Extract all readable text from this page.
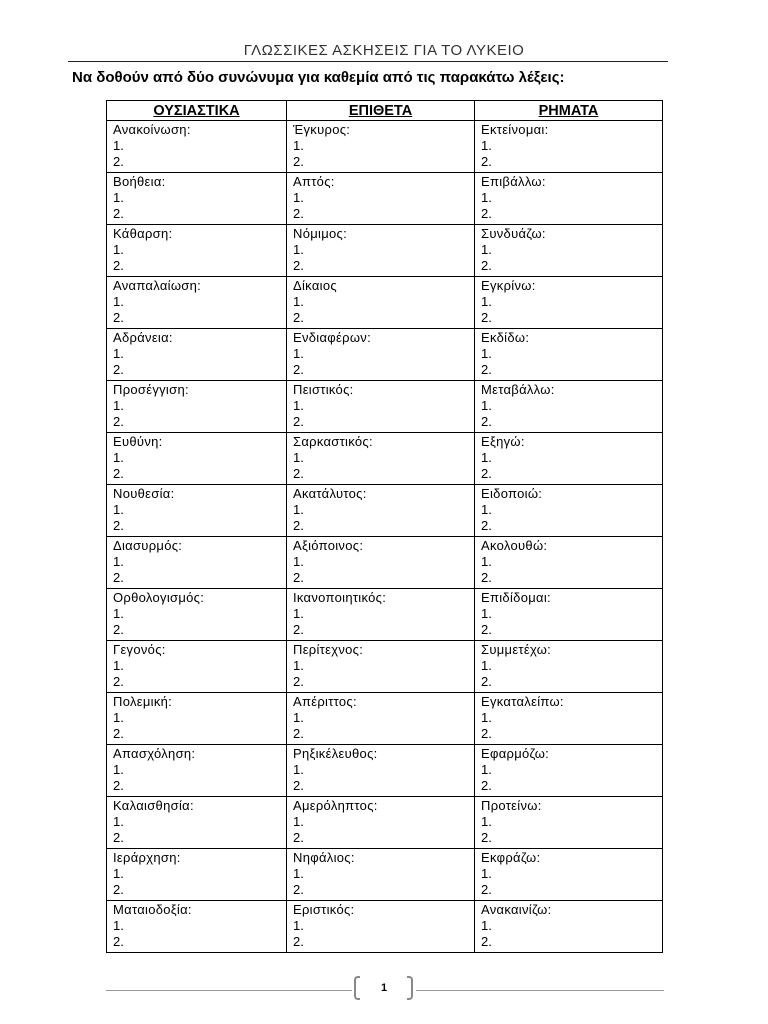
ΓΛΩΣΣΙΚΕΣ ΑΣΚΗΣΕΙΣ ΓΙΑ ΤΟ ΛΥΚΕΙΟ
Να δοθούν από δύο συνώνυμα για καθεμία από τις παρακάτω λέξεις:
ΟΥΣΙΑΣΤΙΚΑ	ΕΠΙΘΕΤΑ	ΡΗΜΑΤΑ

Ανακοίνωση:
1.
2.	Έγκυρος:
1.
2.	Εκτείνομαι:
1.
2.

Βοήθεια:
1.
2.	Απτός:
1.
2.	Επιβάλλω:
1.
2.

Κάθαρση:
1.
2.	Νόμιμος:
1.
2.	Συνδυάζω:
1.
2.

Αναπαλαίωση:
1.
2.	Δίκαιος
1.
2.	Εγκρίνω:
1.
2.

Αδράνεια:
1.
2.	Ενδιαφέρων:
1.
2.	Εκδίδω:
1.
2.

Προσέγγιση:
1.
2.	Πειστικός:
1.
2.	Μεταβάλλω:
1.
2.

Ευθύνη:
1.
2.	Σαρκαστικός:
1.
2.	Εξηγώ:
1.
2.

Νουθεσία:
1.
2.	Ακατάλυτος:
1.
2.	Ειδοποιώ:
1.
2.

Διασυρμός:
1.
2.	Αξιόποινος:
1.
2.	Ακολουθώ:
1.
2.

Ορθολογισμός:
1.
2.	Ικανοποιητικός:
1.
2.	Επιδίδομαι:
1.
2.

Γεγονός:
1.
2.	Περίτεχνος:
1.
2.	Συμμετέχω:
1.
2.

Πολεμική:
1.
2.	Απέριττος:
1.
2.	Εγκαταλείπω:
1.
2.

Απασχόληση:
1.
2.	Ρηξικέλευθος:
1.
2.	Εφαρμόζω:
1.
2.

Καλαισθησία:
1.
2.	Αμερόληπτος:
1.
2.	Προτείνω:
1.
2.

Ιεράρχηση:
1.
2.	Νηφάλιος:
1.
2.	Εκφράζω:
1.
2.

Ματαιοδοξία:
1.
2.	Εριστικός:
1.
2.	Ανακαινίζω:
1.
2.
1
